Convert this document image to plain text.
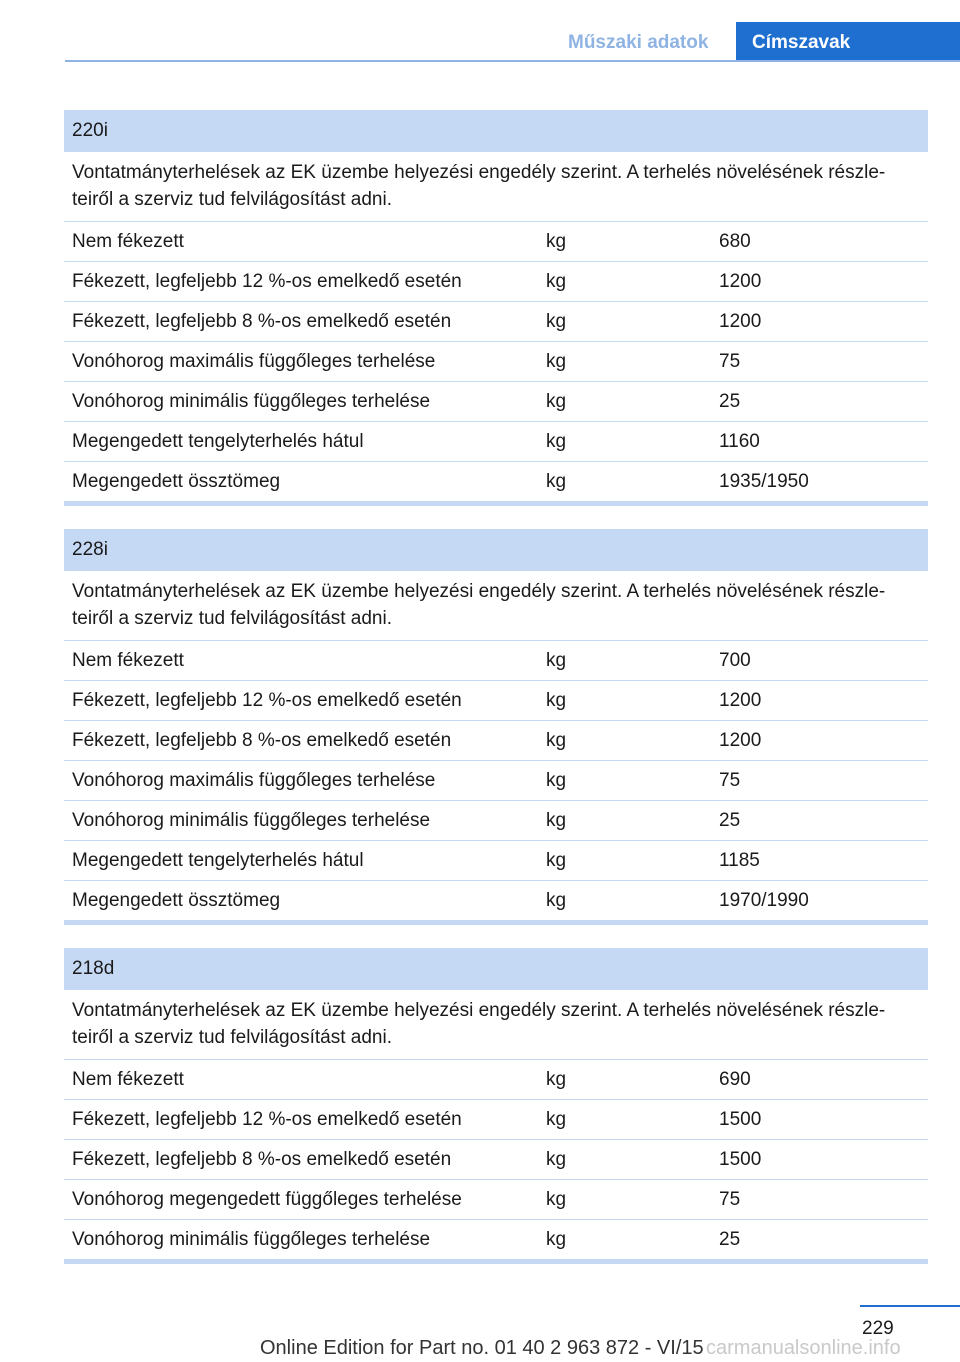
Műszaki adatok	Címszavak
220i
Vontatmányterhelések az EK üzembe helyezési engedély szerint. A terhelés növelésének részle‐teiről a szerviz tud felvilágosítást adni.
Nem fékezett	kg	680
Fékezett, legfeljebb 12 %-os emelkedő esetén	kg	1200
Fékezett, legfeljebb 8 %-os emelkedő esetén	kg	1200
Vonóhorog maximális függőleges terhelése	kg	75
Vonóhorog minimális függőleges terhelése	kg	25
Megengedett tengelyterhelés hátul	kg	1160
Megengedett össztömeg	kg	1935/1950
228i
Vontatmányterhelések az EK üzembe helyezési engedély szerint. A terhelés növelésének részle‐teiről a szerviz tud felvilágosítást adni.
Nem fékezett	kg	700
Fékezett, legfeljebb 12 %-os emelkedő esetén	kg	1200
Fékezett, legfeljebb 8 %-os emelkedő esetén	kg	1200
Vonóhorog maximális függőleges terhelése	kg	75
Vonóhorog minimális függőleges terhelése	kg	25
Megengedett tengelyterhelés hátul	kg	1185
Megengedett össztömeg	kg	1970/1990
218d
Vontatmányterhelések az EK üzembe helyezési engedély szerint. A terhelés növelésének részle‐teiről a szerviz tud felvilágosítást adni.
Nem fékezett	kg	690
Fékezett, legfeljebb 12 %-os emelkedő esetén	kg	1500
Fékezett, legfeljebb 8 %-os emelkedő esetén	kg	1500
Vonóhorog megengedett függőleges terhelése	kg	75
Vonóhorog minimális függőleges terhelése	kg	25
229
Online Edition for Part no. 01 40 2 963 872 - VI/15 carmanualsonline.info
